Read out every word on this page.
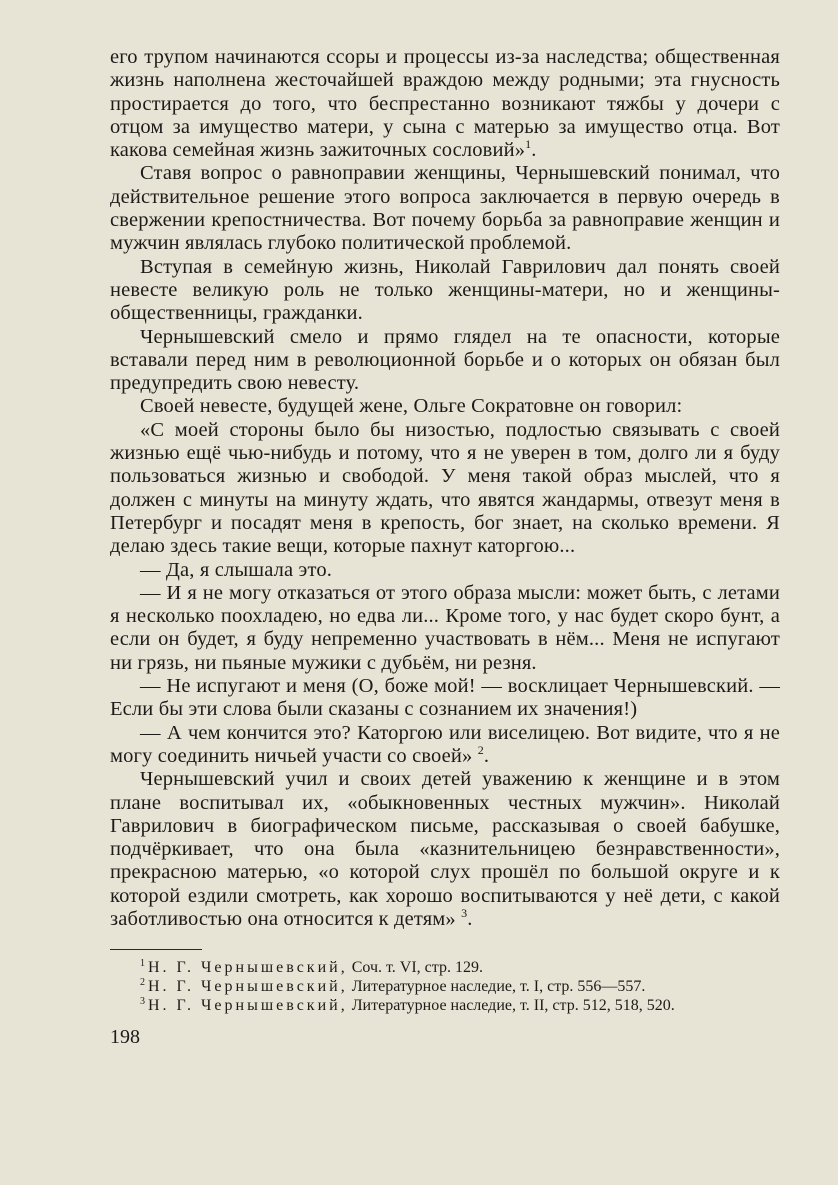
его трупом начинаются ссоры и процессы из-за наследства; общественная жизнь наполнена жесточайшей враждою между родными; эта гнусность простирается до того, что беспрестанно возникают тяжбы у дочери с отцом за имущество матери, у сына с матерью за имущество отца. Вот какова семейная жизнь зажиточных сословий»$^1$.

Ставя вопрос о равноправии женщины, Чернышевский понимал, что действительное решение этого вопроса заключается в первую очередь в свержении крепостничества. Вот почему борьба за равноправие женщин и мужчин являлась глубоко политической проблемой.

Вступая в семейную жизнь, Николай Гаврилович дал понять своей невесте великую роль не только женщины-матери, но и женщины-общественницы, гражданки.

Чернышевский смело и прямо глядел на те опасности, которые вставали перед ним в революционной борьбе и о которых он обязан был предупредить свою невесту.

Своей невесте, будущей жене, Ольге Сократовне он говорил:

«С моей стороны было бы низостью, подлостью связывать с своей жизнью ещё чью-нибудь и потому, что я не уверен в том, долго ли я буду пользоваться жизнью и свободой. У меня такой образ мыслей, что я должен с минуты на минуту ждать, что явятся жандармы, отвезут меня в Петербург и посадят меня в крепость, бог знает, на сколько времени. Я делаю здесь такие вещи, которые пахнут каторгою...

— Да, я слышала это.

— И я не могу отказаться от этого образа мысли: может быть, с летами я несколько поохладею, но едва ли... Кроме того, у нас будет скоро бунт, а если он будет, я буду непременно участвовать в нём... Меня не испугают ни грязь, ни пьяные мужики с дубьём, ни резня.

— Не испугают и меня (О, боже мой! — восклицает Чернышевский. — Если бы эти слова были сказаны с сознанием их значения!)

— А чем кончится это? Каторгою или виселицею. Вот видите, что я не могу соединить ничьей участи со своей» $^2$.

Чернышевский учил и своих детей уважению к женщине и в этом плане воспитывал их, «обыкновенных честных мужчин». Николай Гаврилович в биографическом письме, рассказывая о своей бабушке, подчёркивает, что она была «казнительницею безнравственности», прекрасною матерью, «о которой слух прошёл по большой округе и к которой ездили смотреть, как хорошо воспитываются у неё дети, с какой заботливостью она относится к детям» $^3$.

$^1$ Н. Г. Чернышевский, Соч. т. VI, стр. 129.

$^2$ Н. Г. Чернышевский, Литературное наследие, т. I, стр. 556—557.

$^3$ Н. Г. Чернышевский, Литературное наследие, т. II, стр. 512, 518, 520.

198
